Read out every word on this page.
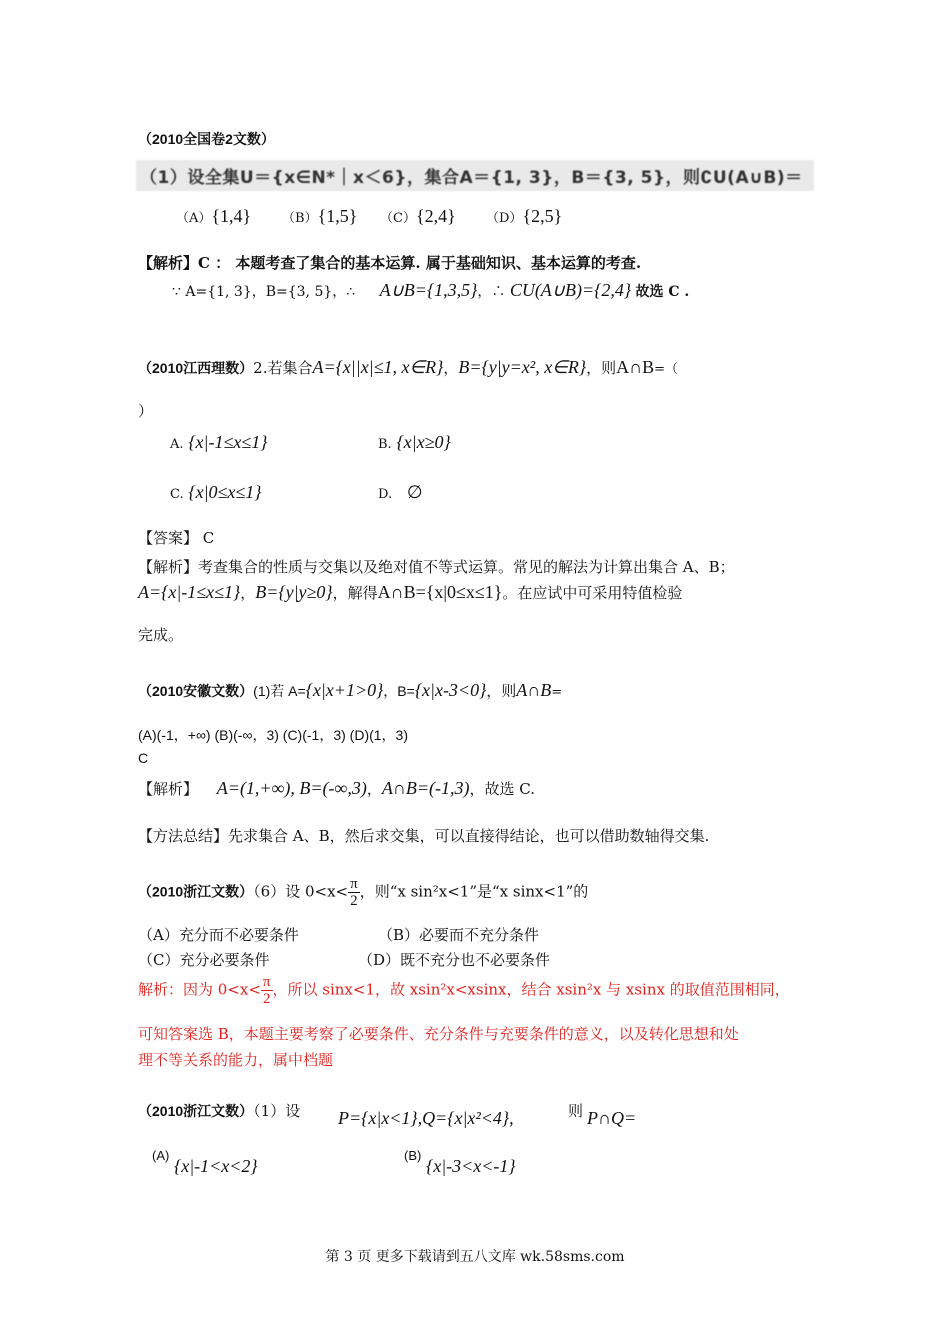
（2010全国卷2文数）
（1）设全集U＝{x∈N*｜x＜6}，集合A＝{1, 3}，B＝{3, 5}，则∁U(A∪B)＝
（A）{1,4} （B）{1,5} （C）{2,4} （D）{2,5}
【解析】C ： 本题考查了集合的基本运算. 属于基础知识、基本运算的考查.
∵ A={1, 3}，B={3, 5}，∴ A∪B={1,3,5}，∴ CU(A∪B)={2,4} 故选 C .
（2010江西理数）2.若集合A={x||x|≤1, x∈R}，B={y|y=x², x∈R}，则A∩B=（
）
A. {x|-1≤x≤1}	B. {x|x≥0}
C. {x|0≤x≤1}	D. ∅
【答案】 C
【解析】考查集合的性质与交集以及绝对值不等式运算。常见的解法为计算出集合 A、B；
A={x|-1≤x≤1}，B={y|y≥0}，解得A∩B={x|0≤x≤1}。在应试中可采用特值检验
完成。
（2010安徽文数）(1)若 A={x|x+1>0}，B={x|x-3<0}，则A∩B=
(A)(-1，+∞) (B)(-∞，3) (C)(-1，3) (D)(1，3)
C
【解析】 A=(1,+∞), B=(-∞,3)，A∩B=(-1,3)，故选 C.
【方法总结】先求集合 A、B，然后求交集，可以直接得结论，也可以借助数轴得交集.
（2010浙江文数）（6）设 $0<x< \frac{\pi}{2}$ ，则“x sin²x<1”是“x sinx<1”的
（A）充分而不必要条件	（B）必要而不充分条件
（C）充分必要条件	（D）既不充分也不必要条件
解析：因为 $0<x< \frac{\pi}{2}$ ，所以 sinx<1，故 xsin²x<xsinx，结合 xsin²x 与 xsinx 的取值范围相同，
可知答案选 B，本题主要考察了必要条件、充分条件与充要条件的意义，以及转化思想和处
理不等关系的能力，属中档题
（2010浙江文数）（1）设 P={x|x<1},Q={x|x²<4},	则 P∩Q=
(A)
{x|-1<x<2}
(B)
{x|-3<x<-1}
第 3 页 更多下载请到五八文库 wk.58sms.com
